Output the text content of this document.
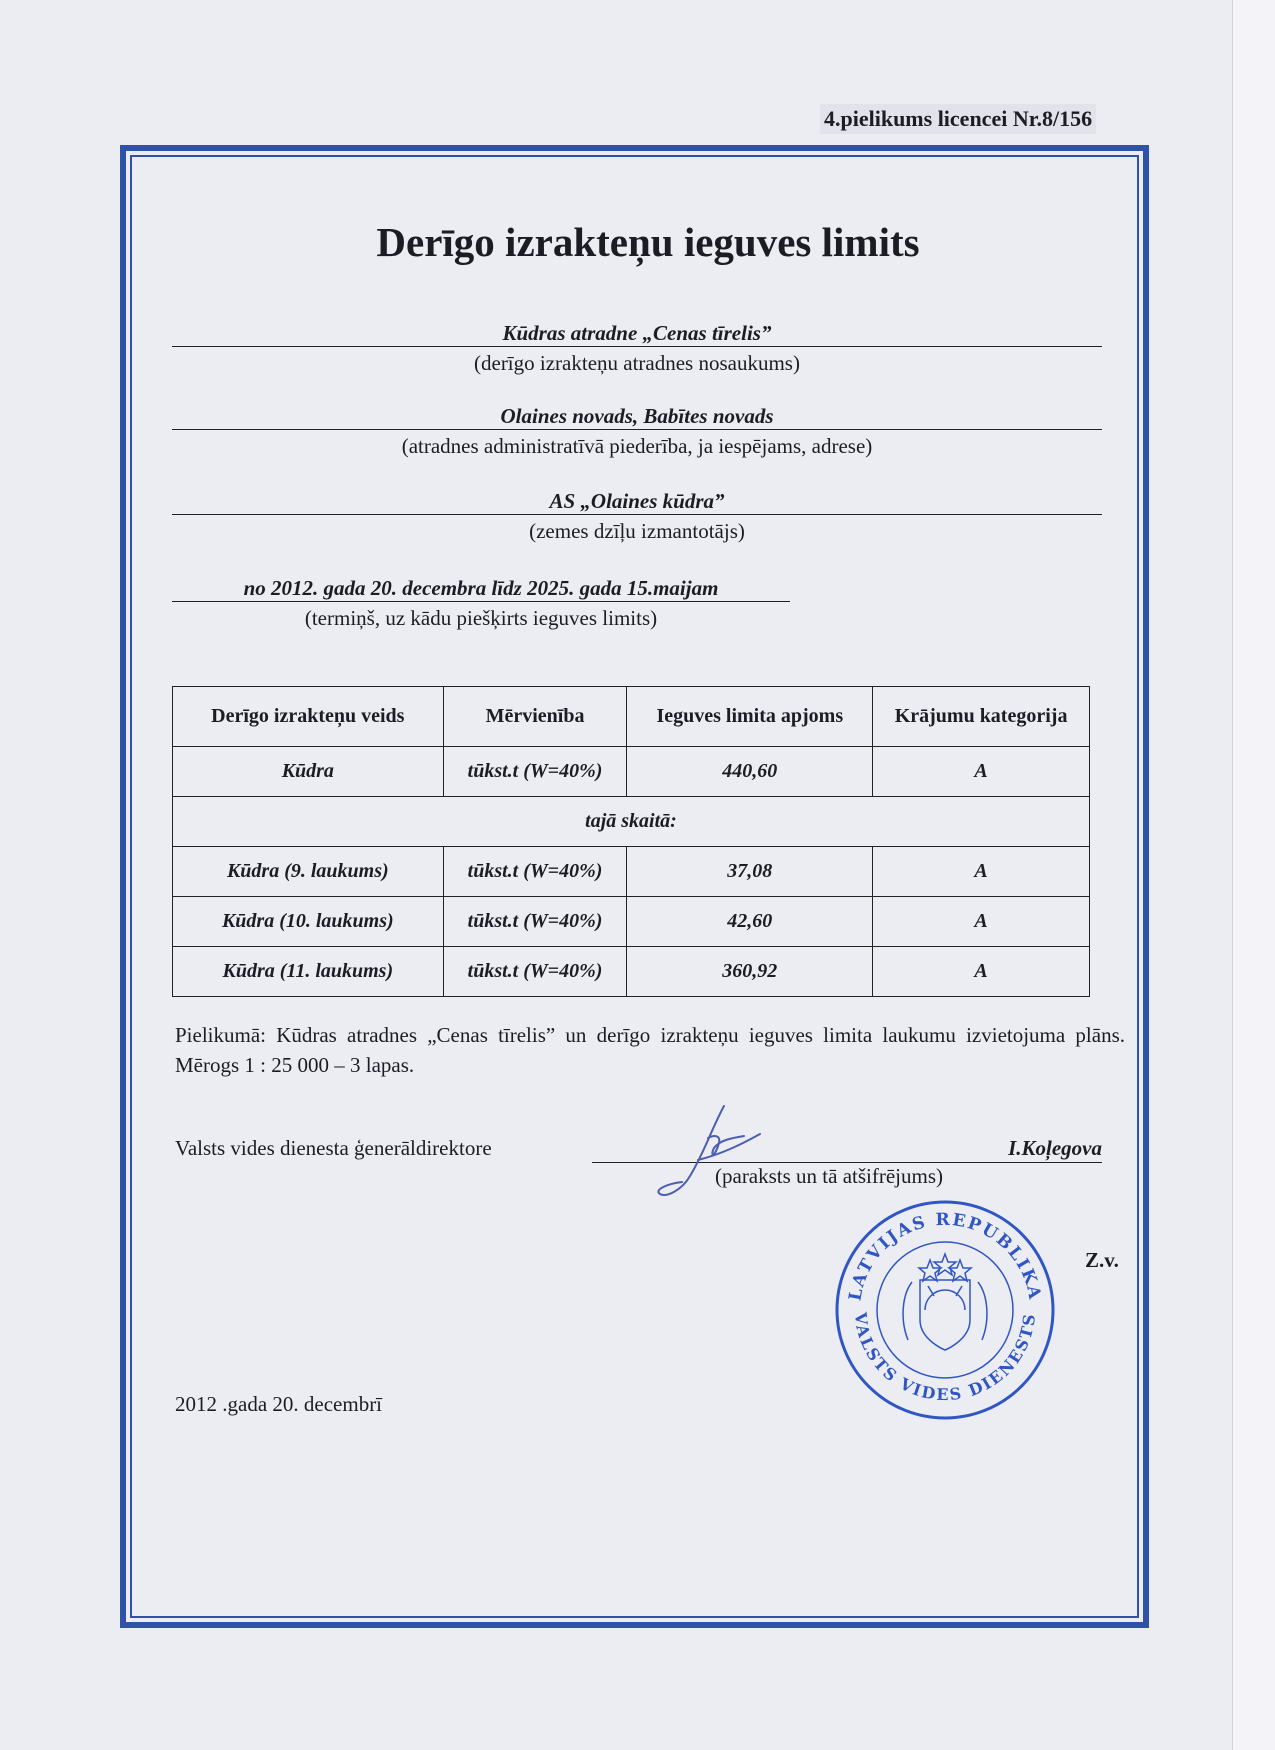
4.pielikums licencei Nr.8/156
Derīgo izrakteņu ieguves limits
Kūdras atradne „Cenas tīrelis”
(derīgo izrakteņu atradnes nosaukums)
Olaines novads, Babītes novads
(atradnes administratīvā piederība, ja iespējams, adrese)
AS „Olaines kūdra”
(zemes dzīļu izmantotājs)
no 2012. gada 20. decembra līdz 2025. gada 15.maijam
(termiņš, uz kādu piešķirts ieguves limits)
Derīgo izrakteņu veids	Mērvienība	Ieguves limita apjoms	Krājumu kategorija
Kūdra	tūkst.t (W=40%)	440,60	A
tajā skaitā:			
Kūdra (9. laukums)	tūkst.t (W=40%)	37,08	A
Kūdra (10. laukums)	tūkst.t (W=40%)	42,60	A
Kūdra (11. laukums)	tūkst.t (W=40%)	360,92	A

Pielikumā: Kūdras atradnes „Cenas tīrelis” un derīgo izrakteņu ieguves limita laukumu izvietojuma plāns. Mērogs 1 : 25 000 – 3 lapas.

Valsts vides dienesta ģenerāldirektore	I.Koļegova
(paraksts un tā atšifrējums)
LATVIJAS REPUBLIKA
VALSTS VIDES DIENESTS
Z.v.
2012 .gada 20. decembrī
